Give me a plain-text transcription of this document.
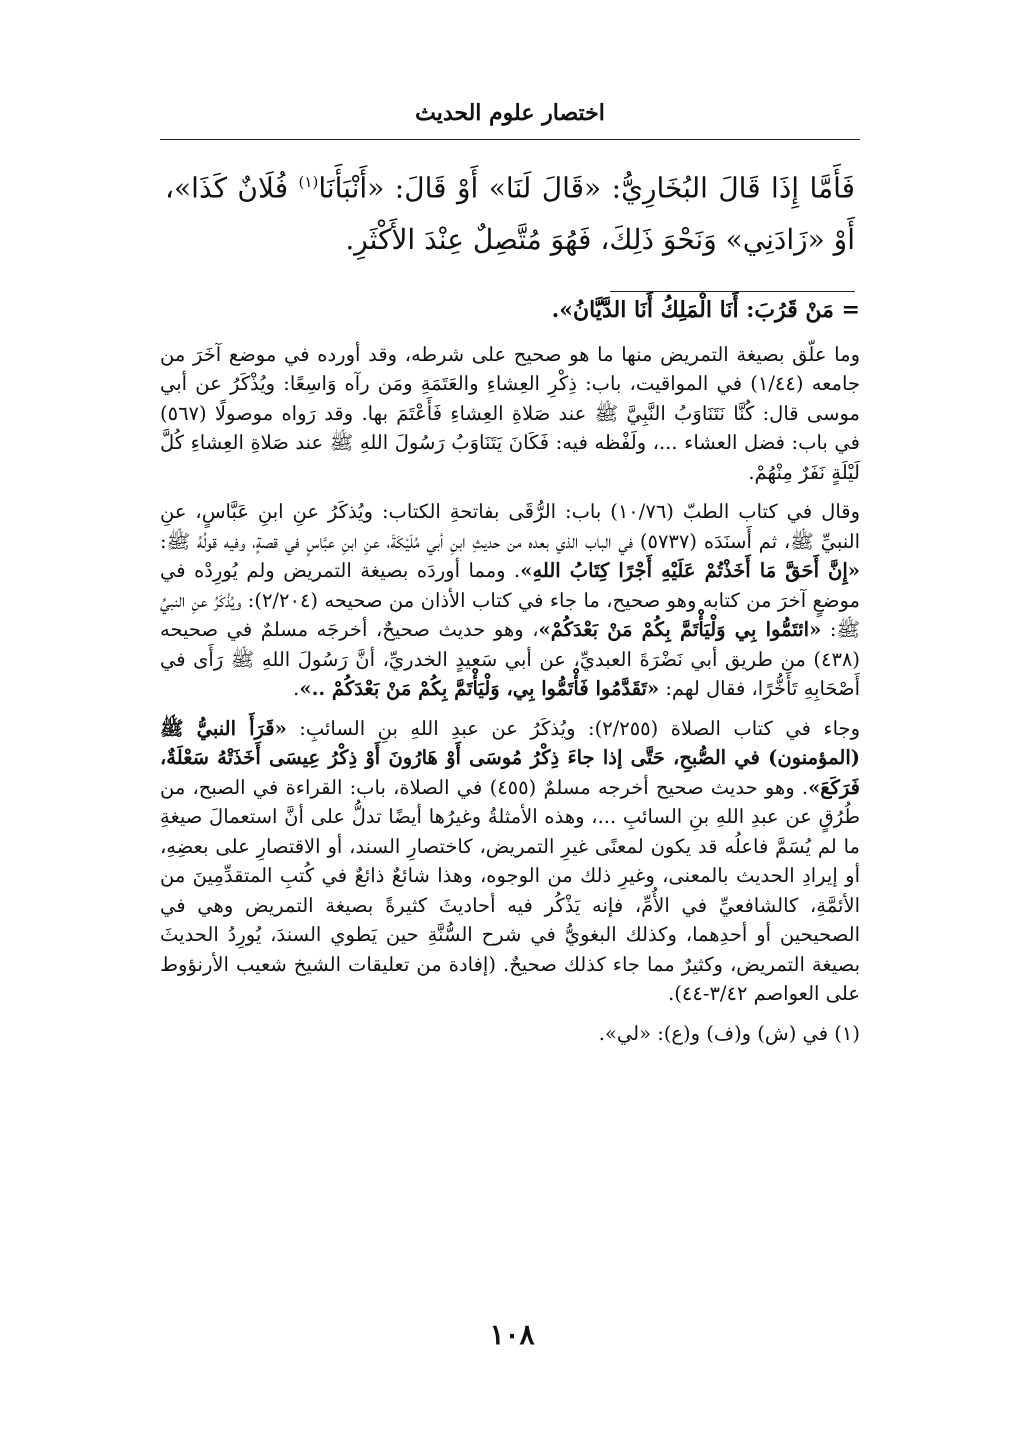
اختصار علوم الحديث
فَأَمَّا إِذَا قَالَ البُخَارِيُّ: «قَالَ لَنَا» أَوْ قَالَ: «أَنْبَأَنَا$^{(١)}$ فُلَانٌ كَذَا»، أَوْ «زَادَنِي» وَنَحْوَ ذَلِكَ، فَهُوَ مُتَّصِلٌ عِنْدَ الأَكْثَرِ.

= مَنْ قَرُبَ: أَنَا الْمَلِكُ أَنَا الدَّيَّانُ».

وما علّق بصيغة التمريض منها ما هو صحيح على شرطه، وقد أورده في موضع آخَرَ من جامعه (١/٤٤) في المواقيت، باب: ذِكْرِ العِشاءِ والعَتَمَةِ ومَن رآه وَاسِعًا: ويُذْكَرُ عن أبي موسى قال: كُنَّا نَتَنَاوَبُ النَّبِيَّ ﷺ عند صَلاةِ العِشاءِ فَأَعْتَمَ بها. وقد رَواه موصولًا (٥٦٧) في باب: فضل العشاء ...، ولَفْظه فيه: فَكَانَ يَتَنَاوَبُ رَسُولَ اللهِ ﷺ عند صَلاةِ العِشاءِ كُلَّ لَيْلَةٍ نَفَرٌ مِنْهُمْ.

وقال في كتاب الطبّ (١٠/٧٦) باب: الرُّقَى بفاتحةِ الكتاب: ويُذكَرُ عنِ ابنِ عَبَّاسٍ، عنِ النبيِّ ﷺ، ثم أَسنَدَه (٥٧٣٧) في الباب الذي بعده من حديثِ ابنِ أبي مُلَيْكَةَ، عنِ ابنِ عبَّاسٍ في قصةٍ، وفيه قولُهُ ﷺ: «إِنَّ أَحَقَّ مَا أَخَذْتُمْ عَلَيْهِ أَجْرًا كِتَابُ اللهِ». ومما أوردَه بصيغة التمريض ولم يُورِدْه في موضعٍ آخرَ من كتابه وهو صحيح، ما جاء في كتاب الأذان من صحيحه (٢/٢٠٤): ويُذْكَرُ عنِ النبيِّ ﷺ: «ائتَمُّوا بِي وَلْيَأْتَمَّ بِكُمْ مَنْ بَعْدَكُمْ»، وهو حديث صحيحٌ، أخرجَه مسلمٌ في صحيحه (٤٣٨) من طريق أبي نَضْرَةَ العبديِّ، عن أبي سَعيدٍ الخدريِّ، أنَّ رَسُولَ اللهِ ﷺ رَأَى في أَصْحَابِهِ تَأَخُّرًا، فقال لهم: «تَقَدَّمُوا فَأْتَمُّوا بِي، وَلْيَأْتَمَّ بِكُمْ مَنْ بَعْدَكُمْ ..».

وجاء في كتاب الصلاة (٢/٢٥٥): ويُذكَرُ عن عبدِ اللهِ بنِ السائبِ: «قَرَأَ النبيُّ ﷺ (المؤمنون) في الصُّبحِ، حَتَّى إذا جاءَ ذِكْرُ مُوسَى أَوْ هَارُونَ أَوْ ذِكْرُ عِيسَى أَخَذَتْهُ سَعْلَةٌ، فَرَكَعَ». وهو حديث صحيح أخرجه مسلمٌ (٤٥٥) في الصلاة، باب: القراءة في الصبح، من طُرُقٍ عن عبدِ اللهِ بنِ السائبِ ...، وهذه الأمثلةُ وغيرُها أيضًا تدلُّ على أنَّ استعمالَ صيغةِ ما لم يُسَمَّ فاعلُه قد يكون لمعنًى غيرِ التمريض، كاختصارِ السند، أو الاقتصارِ على بعضِهِ، أو إيرادِ الحديث بالمعنى، وغيرِ ذلك من الوجوه، وهذا شائعٌ ذائعٌ في كُتبِ المتقدِّمِينَ من الأئمَّةِ، كالشافعيِّ في الأُمِّ، فإنه يَذْكُر فيه أحاديثَ كثيرةً بصيغة التمريض وهي في الصحيحين أو أحدِهما، وكذلك البغويُّ في شرح السُّنَّةِ حين يَطوي السندَ، يُورِدُ الحديثَ بصيغة التمريض، وكثيرٌ مما جاء كذلك صحيحٌ. (إفادة من تعليقات الشيخ شعيب الأرنؤوط على العواصم ٣/٤٢-٤٤).

(١) في (ش) و(ف) و(ع): «لي».

١٠٨
